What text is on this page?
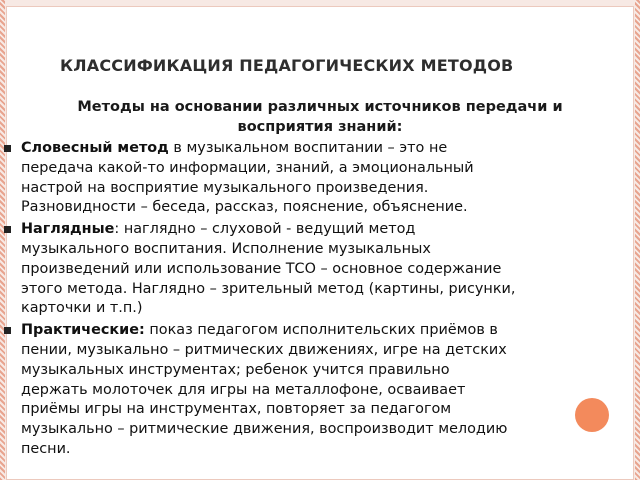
КЛАССИФИКАЦИЯ ПЕДАГОГИЧЕСКИХ МЕТОДОВ
Методы на основании различных источников передачи и
восприятия знаний:
Словесный метод в музыкальном воспитании – это не
передача какой-то информации, знаний, а эмоциональный
настрой на восприятие музыкального произведения.
Разновидности – беседа, рассказ, пояснение, объяснение.
Наглядные: наглядно – слуховой - ведущий метод
музыкального воспитания. Исполнение музыкальных
произведений или использование ТСО – основное содержание
этого метода. Наглядно – зрительный метод (картины, рисунки,
карточки и т.п.)
Практические: показ педагогом исполнительских приёмов в
пении, музыкально – ритмических движениях, игре на детских
музыкальных инструментах; ребенок учится правильно
держать молоточек для игры на металлофоне, осваивает
приёмы игры на инструментах, повторяет за педагогом
музыкально – ритмические движения, воспроизводит мелодию
песни.
